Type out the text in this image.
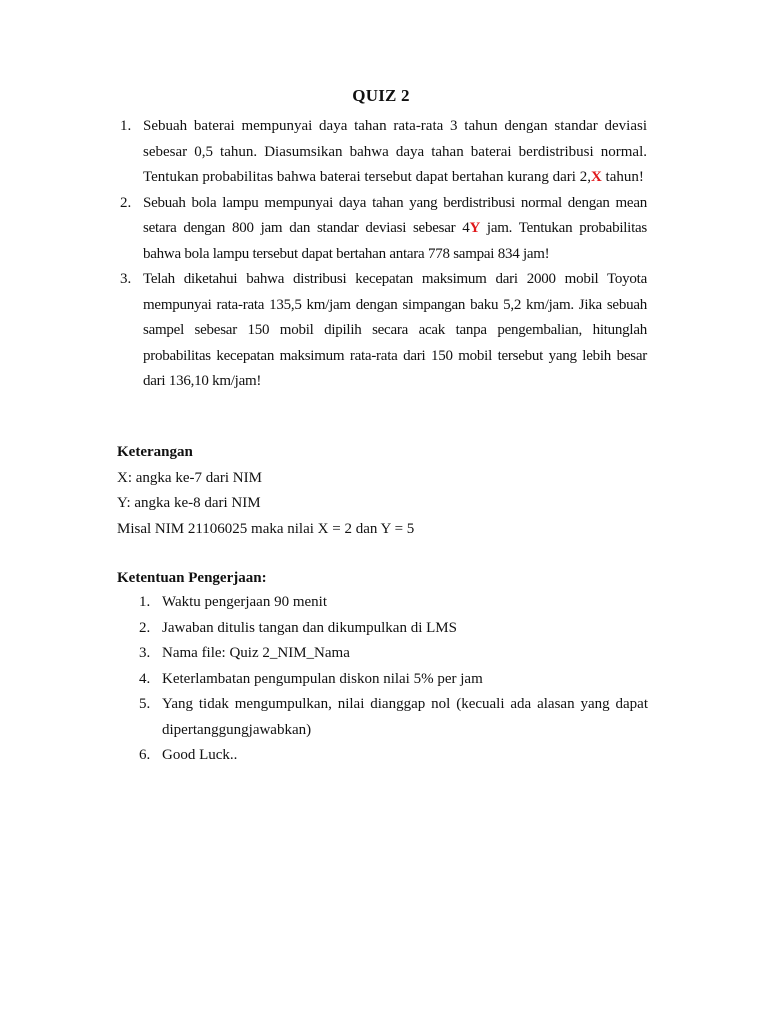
QUIZ 2
1. Sebuah baterai mempunyai daya tahan rata-rata 3 tahun dengan standar deviasi sebesar 0,5 tahun. Diasumsikan bahwa daya tahan baterai berdistribusi normal. Tentukan probabilitas bahwa baterai tersebut dapat bertahan kurang dari 2,X tahun!
2. Sebuah bola lampu mempunyai daya tahan yang berdistribusi normal dengan mean setara dengan 800 jam dan standar deviasi sebesar 4Y jam. Tentukan probabilitas bahwa bola lampu tersebut dapat bertahan antara 778 sampai 834 jam!
3. Telah diketahui bahwa distribusi kecepatan maksimum dari 2000 mobil Toyota mempunyai rata-rata 135,5 km/jam dengan simpangan baku 5,2 km/jam. Jika sebuah sampel sebesar 150 mobil dipilih secara acak tanpa pengembalian, hitunglah probabilitas kecepatan maksimum rata-rata dari 150 mobil tersebut yang lebih besar dari 136,10 km/jam!
Keterangan
X: angka ke-7 dari NIM
Y: angka ke-8 dari NIM
Misal NIM 21106025 maka nilai X = 2 dan Y = 5
Ketentuan Pengerjaan:
1. Waktu pengerjaan 90 menit
2. Jawaban ditulis tangan dan dikumpulkan di LMS
3. Nama file: Quiz 2_NIM_Nama
4. Keterlambatan pengumpulan diskon nilai 5% per jam
5. Yang tidak mengumpulkan, nilai dianggap nol (kecuali ada alasan yang dapat dipertanggungjawabkan)
6. Good Luck..
